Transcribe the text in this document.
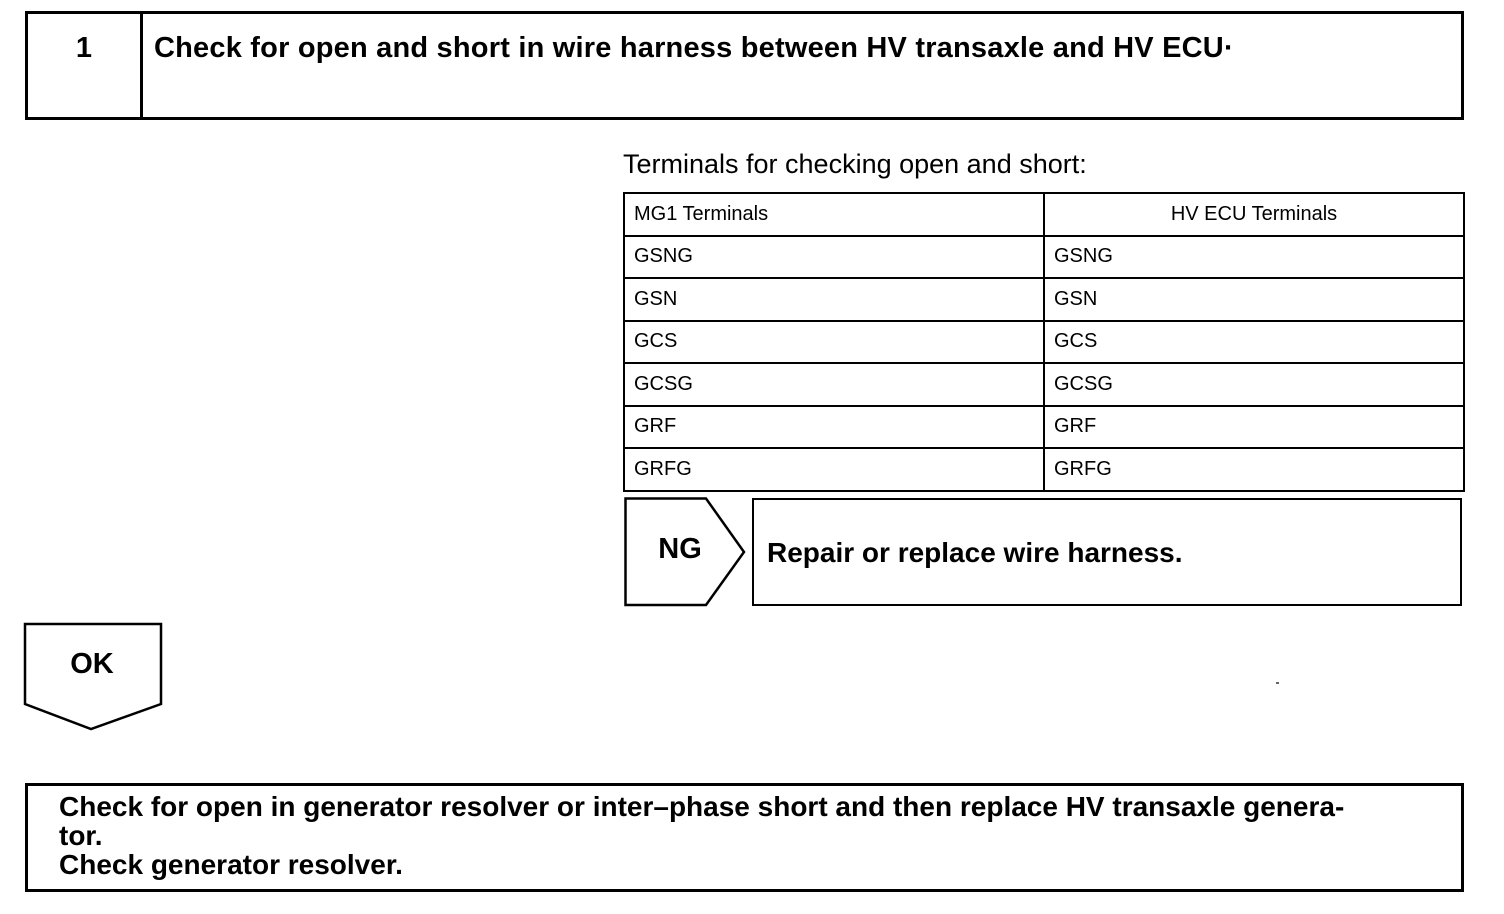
1	Check for open and short in wire harness between HV transaxle and HV ECU·
Terminals for checking open and short:
MG1 Terminals	HV ECU Terminals
GSNG	GSNG
GSN	GSN
GCS	GCS
GCSG	GCSG
GRF	GRF
GRFG	GRFG
NG	Repair or replace wire harness.
OK
Check for open in generator resolver or inter–phase short and then replace HV transaxle genera-
tor.
Check generator resolver.
